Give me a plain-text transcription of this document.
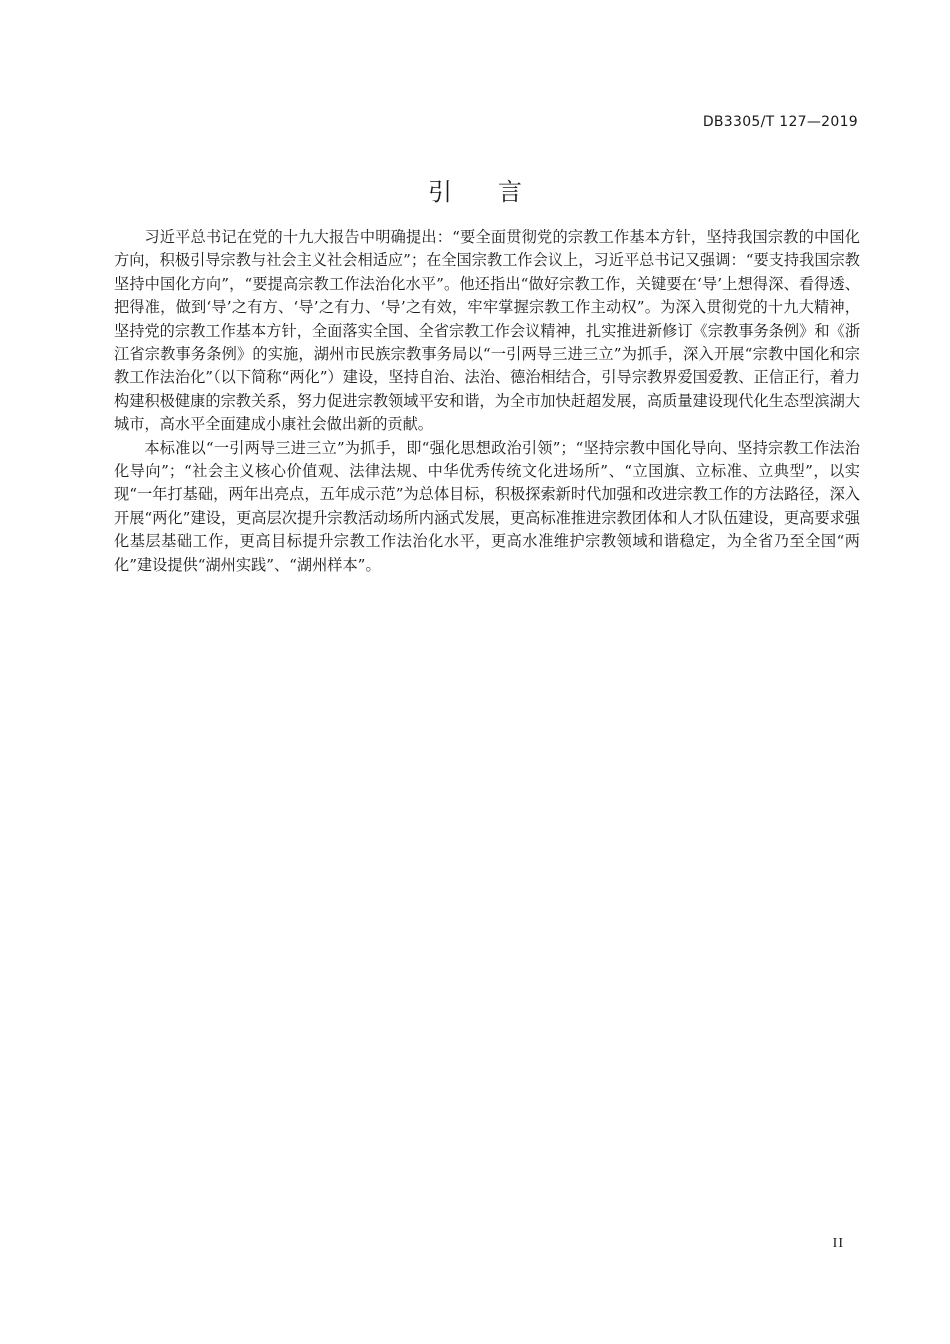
DB3305/T 127—2019
引言

习近平总书记在党的十九大报告中明确提出：“要全面贯彻党的宗教工作基本方针，坚持我国宗教的中国化方向，积极引导宗教与社会主义社会相适应”；在全国宗教工作会议上，习近平总书记又强调：“要支持我国宗教坚持中国化方向”，“要提高宗教工作法治化水平”。他还指出“做好宗教工作，关键要在‘导’上想得深、看得透、把得准，做到‘导’之有方、‘导’之有力、‘导’之有效，牢牢掌握宗教工作主动权”。为深入贯彻党的十九大精神，坚持党的宗教工作基本方针，全面落实全国、全省宗教工作会议精神，扎实推进新修订《宗教事务条例》和《浙江省宗教事务条例》的实施，湖州市民族宗教事务局以“一引两导三进三立”为抓手，深入开展“宗教中国化和宗教工作法治化”（以下简称“两化”）建设，坚持自治、法治、德治相结合，引导宗教界爱国爱教、正信正行，着力构建积极健康的宗教关系，努力促进宗教领域平安和谐，为全市加快赶超发展，高质量建设现代化生态型滨湖大城市，高水平全面建成小康社会做出新的贡献。

本标准以“一引两导三进三立”为抓手，即“强化思想政治引领”；“坚持宗教中国化导向、坚持宗教工作法治化导向”；“社会主义核心价值观、法律法规、中华优秀传统文化进场所”、“立国旗、立标准、立典型”，以实现“一年打基础，两年出亮点，五年成示范”为总体目标，积极探索新时代加强和改进宗教工作的方法路径，深入开展“两化”建设，更高层次提升宗教活动场所内涵式发展，更高标准推进宗教团体和人才队伍建设，更高要求强化基层基础工作，更高目标提升宗教工作法治化水平，更高水准维护宗教领域和谐稳定，为全省乃至全国“两化”建设提供“湖州实践”、“湖州样本”。

II
